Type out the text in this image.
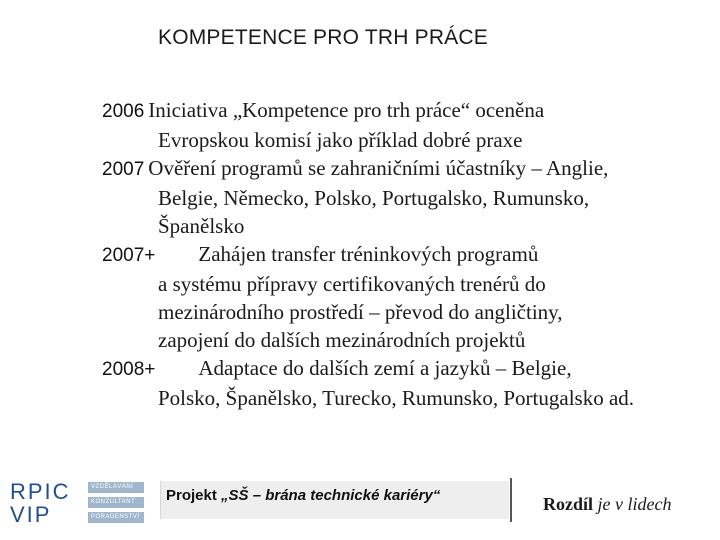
KOMPETENCE PRO TRH PRÁCE
2006 Iniciativa „Kompetence pro trh práce“ oceněna
Evropskou komisí jako příklad dobré praxe
2007 Ověření programů se zahraničními účastníky – Anglie,
Belgie, Německo, Polsko, Portugalsko, Rumunsko,
Španělsko
2007+ Zahájen transfer tréninkových programů
a systému přípravy certifikovaných trenérů do
mezinárodního prostředí – převod do angličtiny,
zapojení do dalších mezinárodních projektů
2008+ Adaptace do dalších zemí a jazyků – Belgie,
Polsko, Španělsko, Turecko, Rumunsko, Portugalsko ad.
RPIC
VIP
VZDĚLÁVÁNÍ
KONZULTANT
PORADENSTVÍ
Projekt „SŠ – brána technické kariéry“	Rozdíl je v lidech
